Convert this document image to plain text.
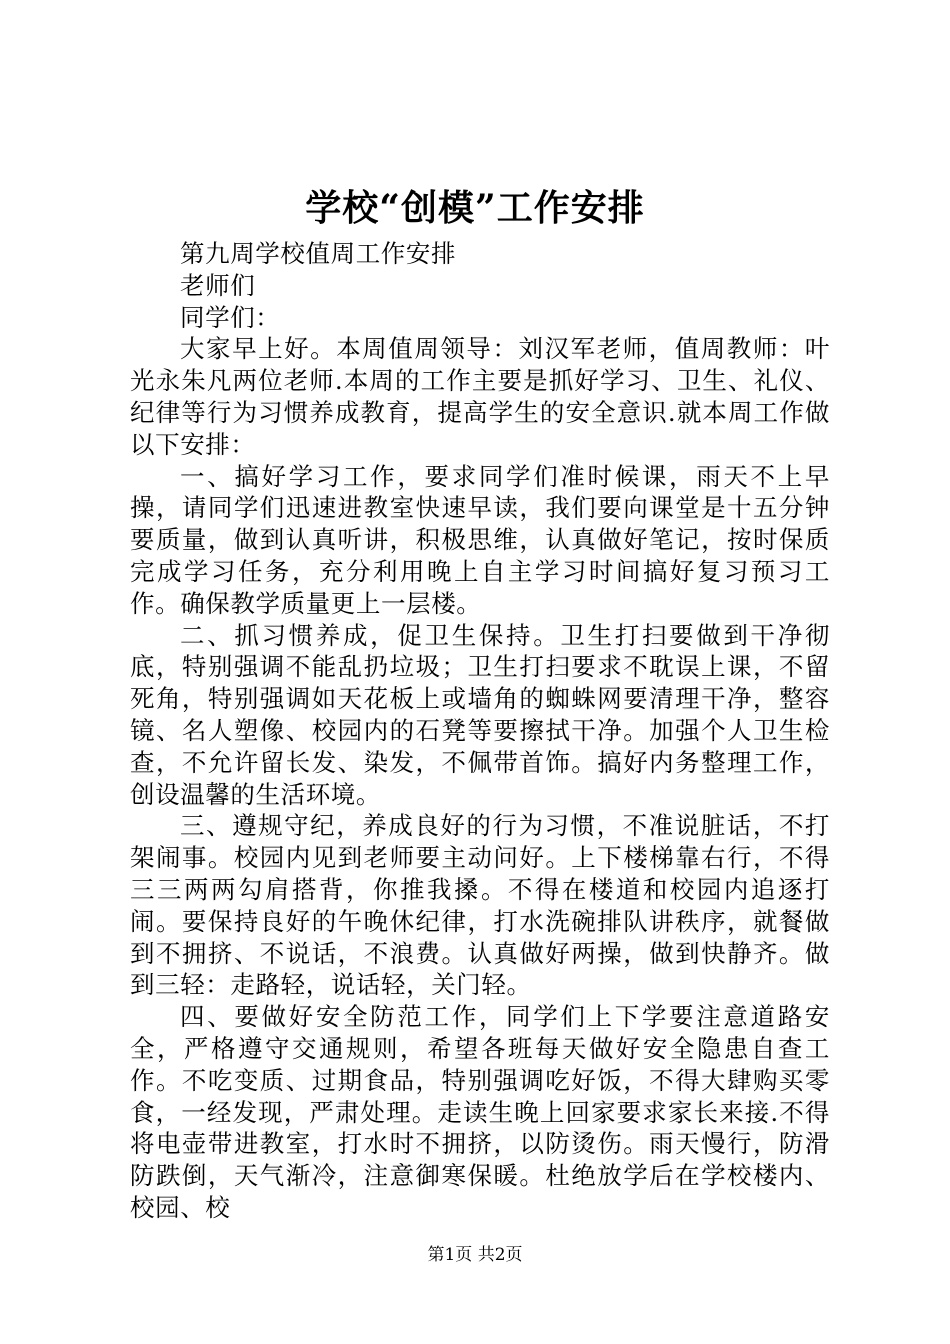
学校“创模”工作安排

第九周学校值周工作安排

老师们

同学们：

大家早上好。本周值周领导：刘汉军老师，值周教师：叶光永朱凡两位老师.本周的工作主要是抓好学习、卫生、礼仪、纪律等行为习惯养成教育，提高学生的安全意识.就本周工作做以下安排：

一、搞好学习工作，要求同学们准时候课，雨天不上早操，请同学们迅速进教室快速早读，我们要向课堂是十五分钟要质量，做到认真听讲，积极思维，认真做好笔记，按时保质完成学习任务，充分利用晚上自主学习时间搞好复习预习工作。确保教学质量更上一层楼。

二、抓习惯养成，促卫生保持。卫生打扫要做到干净彻底，特别强调不能乱扔垃圾；卫生打扫要求不耽误上课，不留死角，特别强调如天花板上或墙角的蜘蛛网要清理干净，整容镜、名人塑像、校园内的石凳等要擦拭干净。加强个人卫生检查，不允许留长发、染发，不佩带首饰。搞好内务整理工作，创设温馨的生活环境。

三、遵规守纪，养成良好的行为习惯，不准说脏话，不打架闹事。校园内见到老师要主动问好。上下楼梯靠右行，不得三三两两勾肩搭背，你推我搡。不得在楼道和校园内追逐打闹。要保持良好的午晚休纪律，打水洗碗排队讲秩序，就餐做到不拥挤、不说话，不浪费。认真做好两操，做到快静齐。做到三轻：走路轻，说话轻，关门轻。

四、要做好安全防范工作，同学们上下学要注意道路安全，严格遵守交通规则，希望各班每天做好安全隐患自查工作。不吃变质、过期食品，特别强调吃好饭，不得大肆购买零食，一经发现，严肃处理。走读生晚上回家要求家长来接.不得将电壶带进教室，打水时不拥挤，以防烫伤。雨天慢行，防滑防跌倒，天气渐冷，注意御寒保暖。杜绝放学后在学校楼内、校园、校

第1页 共2页
